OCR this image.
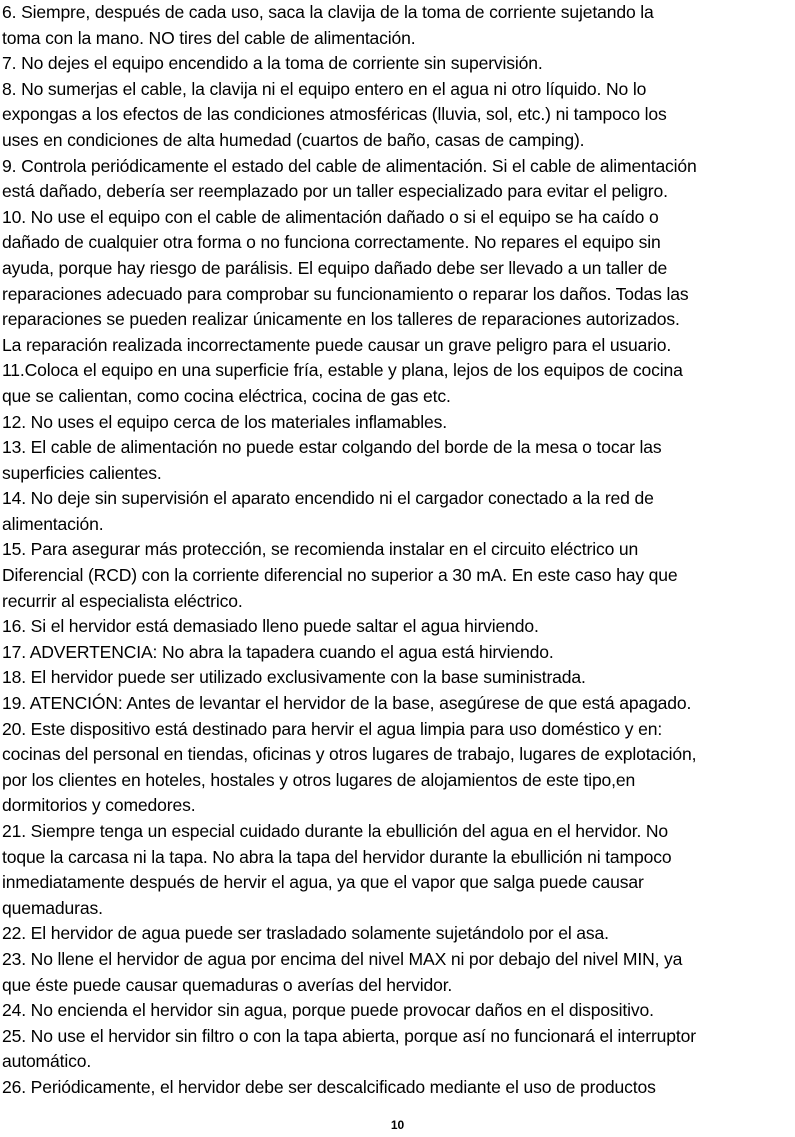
6. Siempre, después de cada uso, saca la clavija de la toma de corriente sujetando la

toma con la mano. NO tires del cable de alimentación.

7. No dejes el equipo encendido a la toma de corriente sin supervisión.

8. No sumerjas el cable, la clavija ni el equipo entero en el agua ni otro líquido. No lo

expongas a los efectos de las condiciones atmosféricas (lluvia, sol, etc.) ni tampoco los

uses en condiciones de alta humedad (cuartos de baño, casas de camping).

9. Controla periódicamente el estado del cable de alimentación. Si el cable de alimentación

está dañado, debería ser reemplazado por un taller especializado para evitar el peligro.

10. No use el equipo con el cable de alimentación dañado o si el equipo se ha caído o

dañado de cualquier otra forma o no funciona correctamente. No repares el equipo sin

ayuda, porque hay riesgo de parálisis. El equipo dañado debe ser llevado a un taller de

reparaciones adecuado para comprobar su funcionamiento o reparar los daños. Todas las

reparaciones se pueden realizar únicamente en los talleres de reparaciones autorizados.

La reparación realizada incorrectamente puede causar un grave peligro para el usuario.

11.Coloca el equipo en una superficie fría, estable y plana, lejos de los equipos de cocina

que se calientan, como cocina eléctrica, cocina de gas etc.

12. No uses el equipo cerca de los materiales inflamables.

13. El cable de alimentación no puede estar colgando del borde de la mesa o tocar las

superficies calientes.

14. No deje sin supervisión el aparato encendido ni el cargador conectado a la red de

alimentación.

15. Para asegurar más protección, se recomienda instalar en el circuito eléctrico un

Diferencial (RCD) con la corriente diferencial no superior a 30 mA. En este caso hay que

recurrir al especialista eléctrico.

16. Si el hervidor está demasiado lleno puede saltar el agua hirviendo.

17. ADVERTENCIA: No abra la tapadera cuando el agua está hirviendo.

18. El hervidor puede ser utilizado exclusivamente con la base suministrada.

19. ATENCIÓN: Antes de levantar el hervidor de la base, asegúrese de que está apagado.

20. Este dispositivo está destinado para hervir el agua limpia para uso doméstico y en:

cocinas del personal en tiendas, oficinas y otros lugares de trabajo, lugares de explotación,

por los clientes en hoteles, hostales y otros lugares de alojamientos de este tipo,en

dormitorios y comedores.

21. Siempre tenga un especial cuidado durante la ebullición del agua en el hervidor. No

toque la carcasa ni la tapa. No abra la tapa del hervidor durante la ebullición ni tampoco

inmediatamente después de hervir el agua, ya que el vapor que salga puede causar

quemaduras.

22. El hervidor de agua puede ser trasladado solamente sujetándolo por el asa.

23. No llene el hervidor de agua por encima del nivel MAX ni por debajo del nivel MIN, ya

que éste puede causar quemaduras o averías del hervidor.

24. No encienda el hervidor sin agua, porque puede provocar daños en el dispositivo.

25. No use el hervidor sin filtro o con la tapa abierta, porque así no funcionará el interruptor

automático.

26. Periódicamente, el hervidor debe ser descalcificado mediante el uso de productos

10
